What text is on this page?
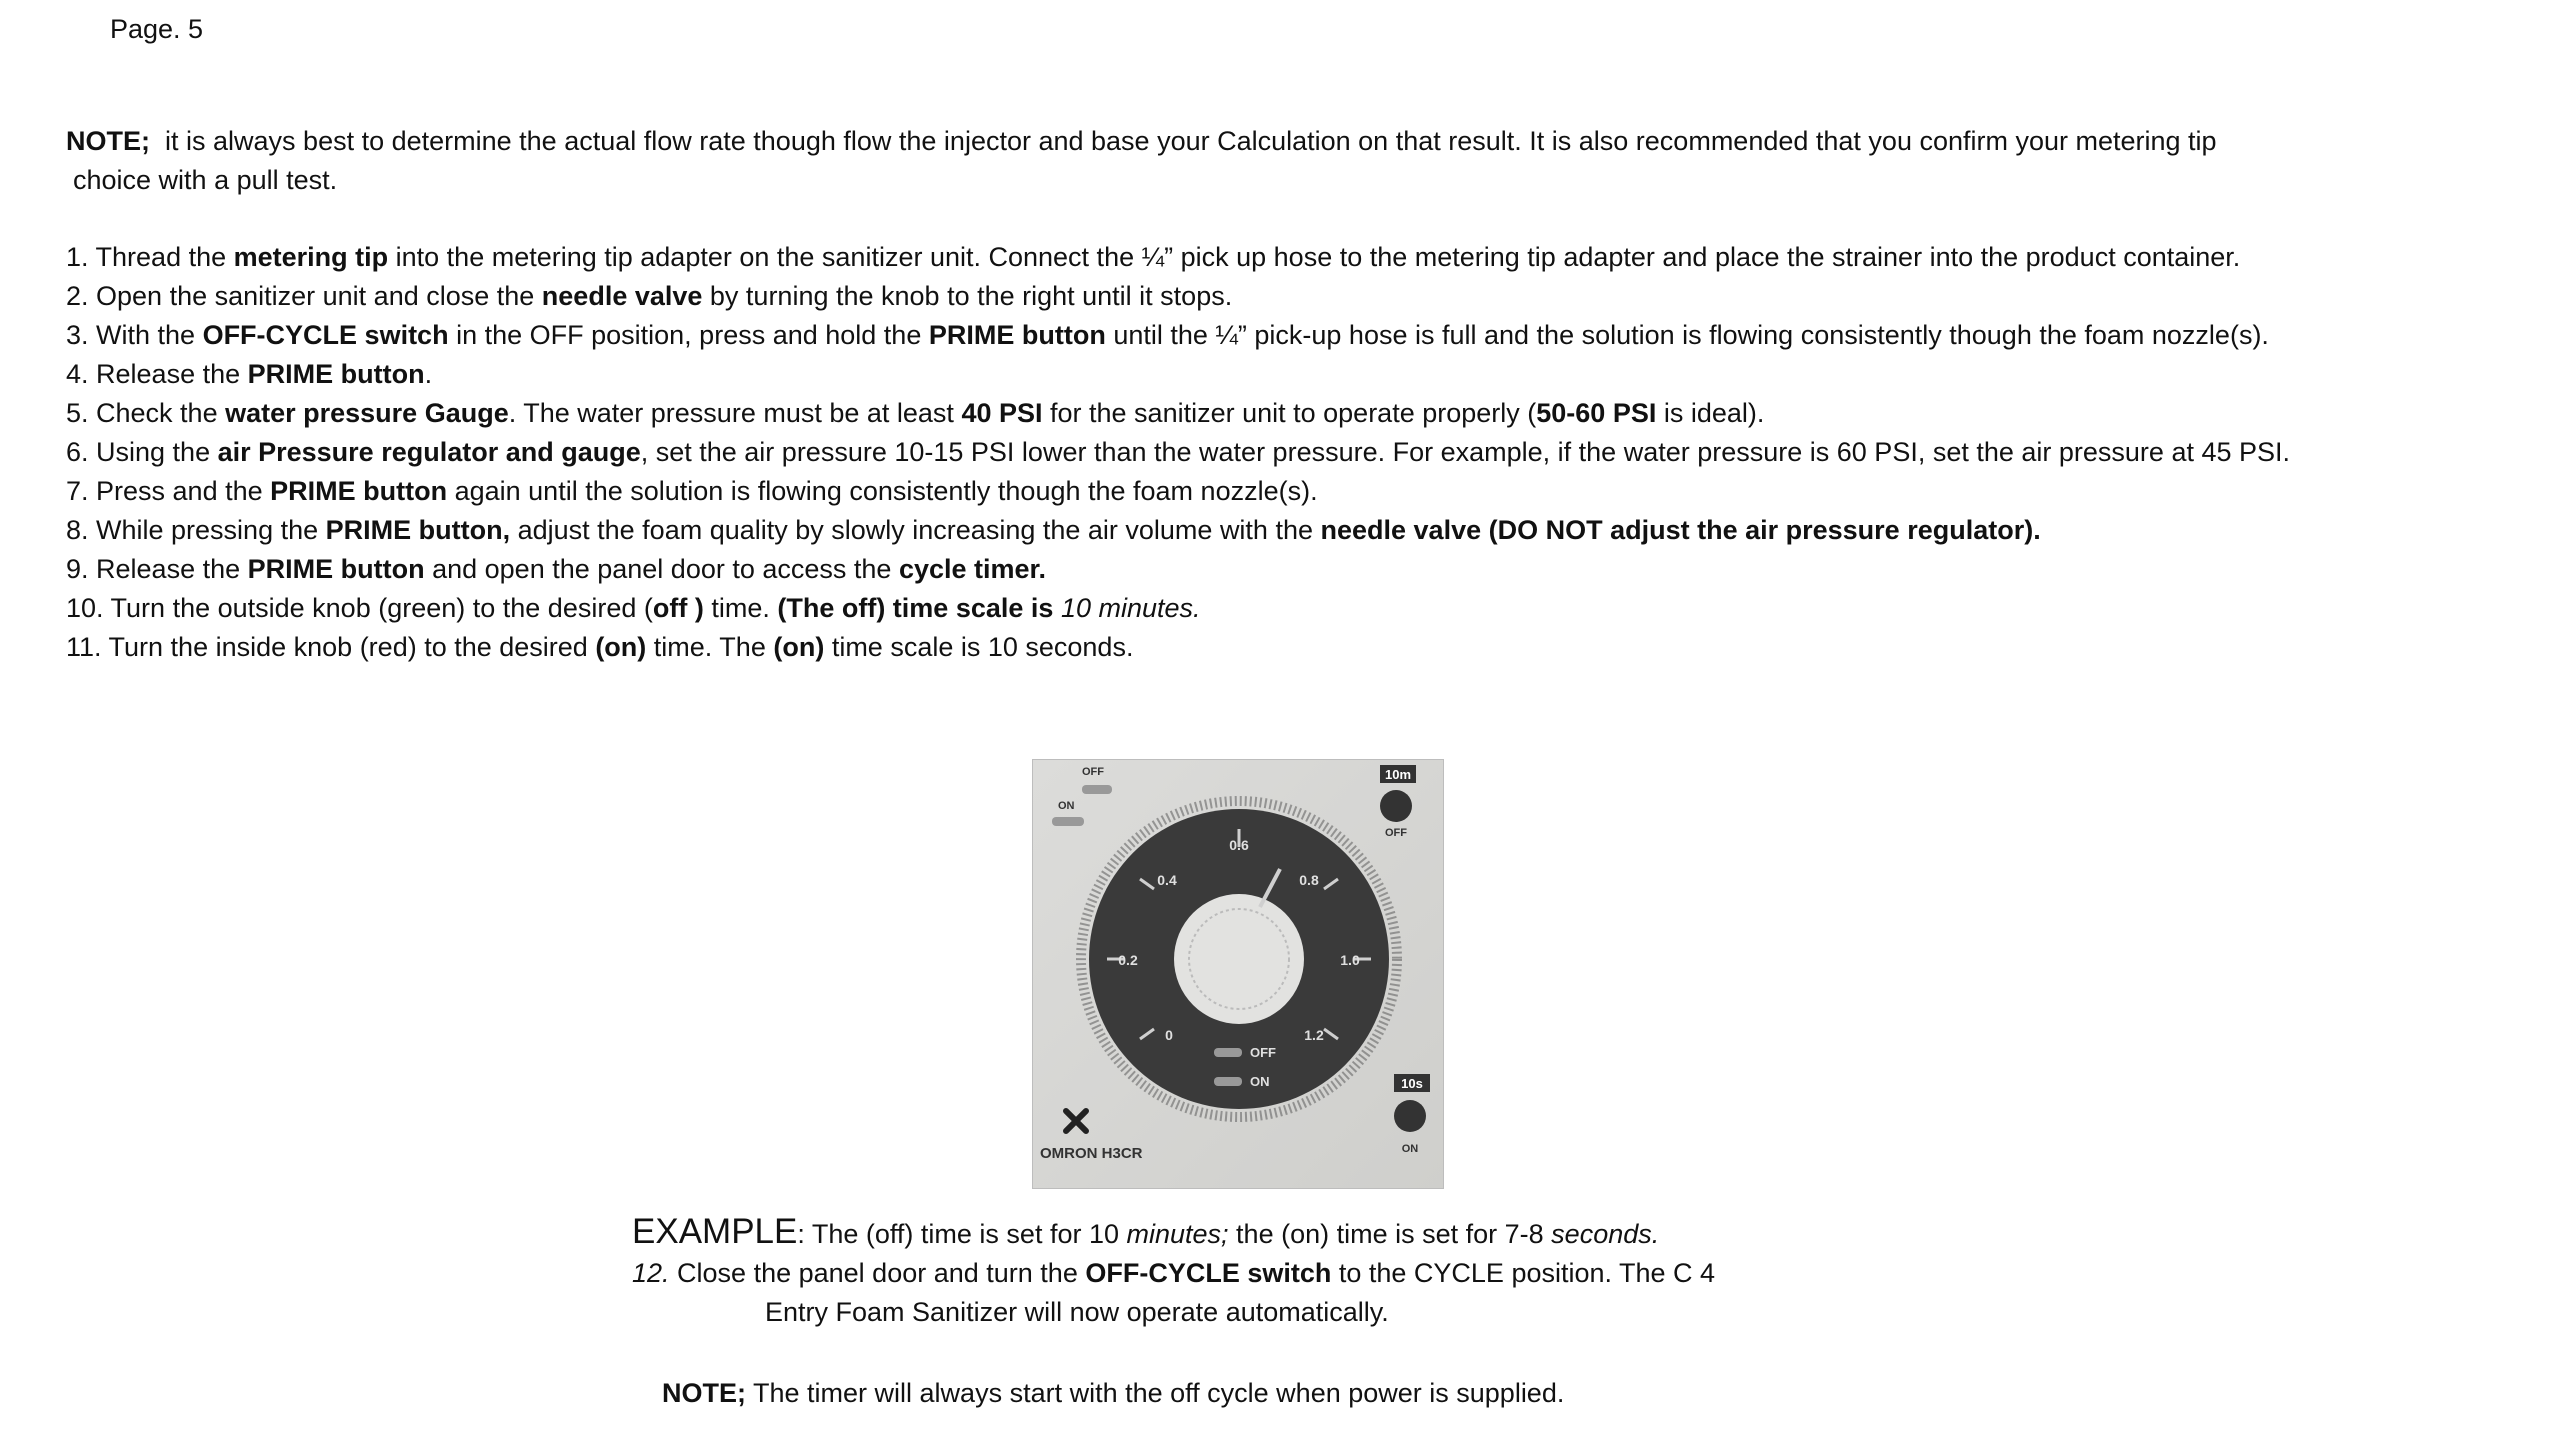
Page. 5
NOTE; it is always best to determine the actual flow rate though flow the injector and base your Calculation on that result. It is also recommended that you confirm your metering tip
choice with a pull test.
1. Thread the metering tip into the metering tip adapter on the sanitizer unit. Connect the ¼” pick up hose to the metering tip adapter and place the strainer into the product container.
2. Open the sanitizer unit and close the needle valve by turning the knob to the right until it stops.
3. With the OFF-CYCLE switch in the OFF position, press and hold the PRIME button until the ¼” pick-up hose is full and the solution is flowing consistently though the foam nozzle(s).
4. Release the PRIME button.
5. Check the water pressure Gauge. The water pressure must be at least 40 PSI for the sanitizer unit to operate properly (50-60 PSI is ideal).
6. Using the air Pressure regulator and gauge, set the air pressure 10-15 PSI lower than the water pressure. For example, if the water pressure is 60 PSI, set the air pressure at 45 PSI.
7. Press and the PRIME button again until the solution is flowing consistently though the foam nozzle(s).
8. While pressing the PRIME button, adjust the foam quality by slowly increasing the air volume with the needle valve (DO NOT adjust the air pressure regulator).
9. Release the PRIME button and open the panel door to access the cycle timer.
10. Turn the outside knob (green) to the desired (off ) time. (The off) time scale is 10 minutes.
11. Turn the inside knob (red) to the desired (on) time. The (on) time scale is 10 seconds.
0
0.2
0.4
0.6
0.8
1.0
1.2
OFF
ON
OFF
ON
10m
OFF
10s
ON
OMRON H3CR
EXAMPLE: The (off) time is set for 10 minutes; the (on) time is set for 7-8 seconds.
12. Close the panel door and turn the OFF-CYCLE switch to the CYCLE position. The C 4
Entry Foam Sanitizer will now operate automatically.
NOTE; The timer will always start with the off cycle when power is supplied.
